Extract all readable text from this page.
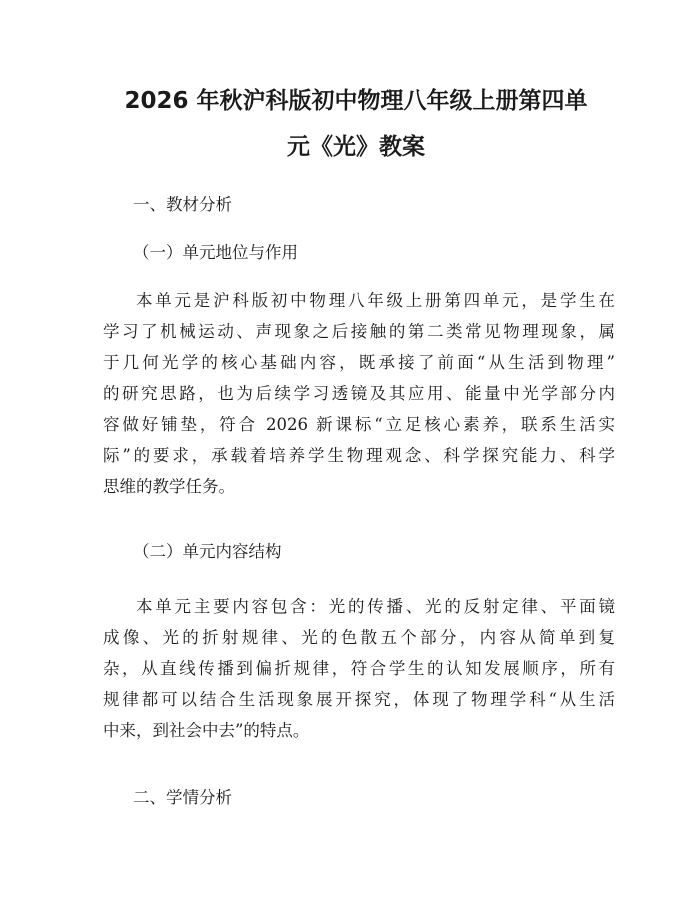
2026 年秋沪科版初中物理八年级上册第四单
元《光》教案
一、教材分析
（一）单元地位与作用
本单元是沪科版初中物理八年级上册第四单元，是学生在
学习了机械运动、声现象之后接触的第二类常见物理现象，属
于几何光学的核心基础内容，既承接了前面“从生活到物理”
的研究思路，也为后续学习透镜及其应用、能量中光学部分内
容做好铺垫，符合 2026 新课标“立足核心素养，联系生活实
际”的要求，承载着培养学生物理观念、科学探究能力、科学
思维的教学任务。
（二）单元内容结构
本单元主要内容包含：光的传播、光的反射定律、平面镜
成像、光的折射规律、光的色散五个部分，内容从简单到复
杂，从直线传播到偏折规律，符合学生的认知发展顺序，所有
规律都可以结合生活现象展开探究，体现了物理学科“从生活
中来，到社会中去”的特点。
二、学情分析
